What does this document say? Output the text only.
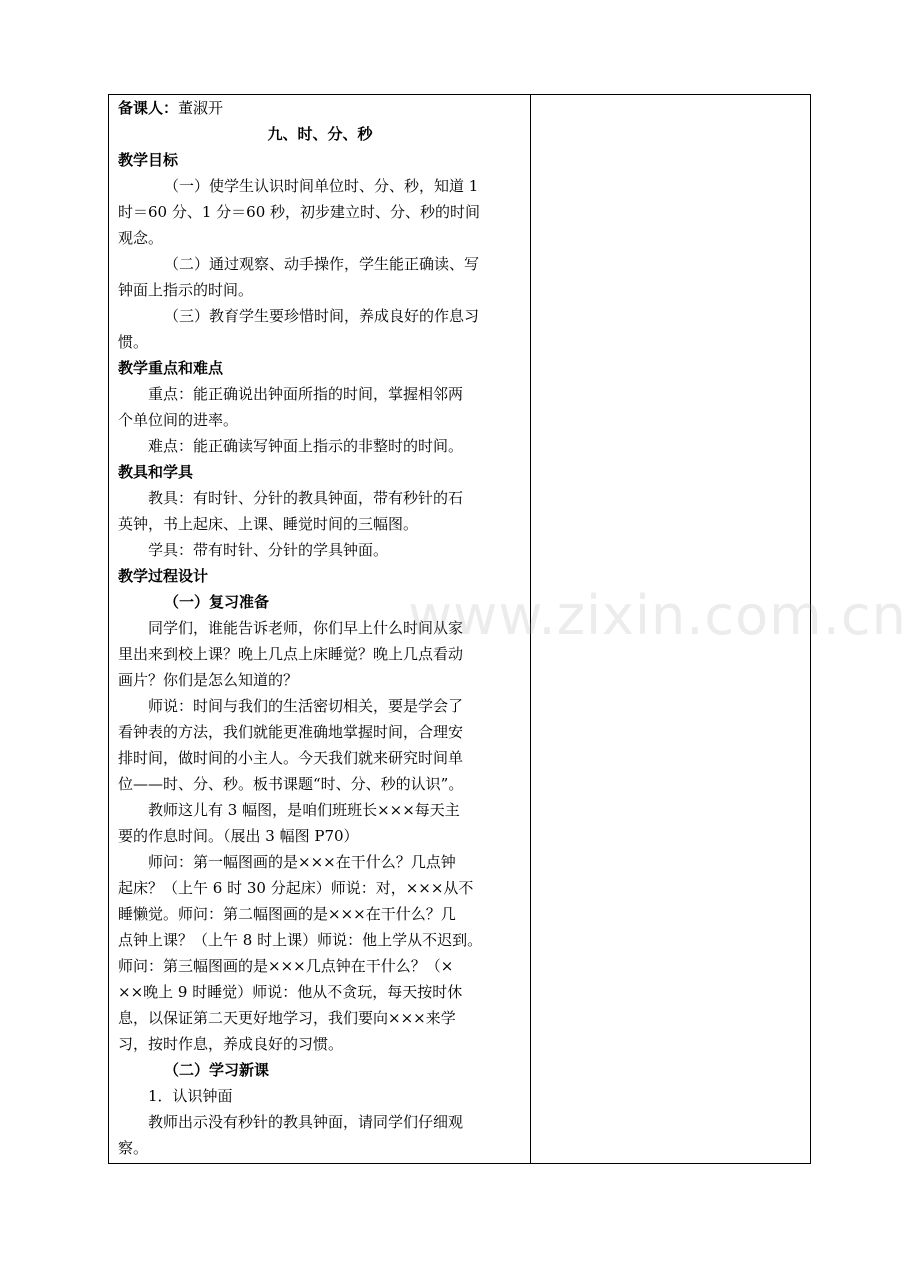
备课人：董淑开
九、时、分、秒
教学目标
（一）使学生认识时间单位时、分、秒，知道 1
时＝60 分、1 分＝60 秒，初步建立时、分、秒的时间
观念。
（二）通过观察、动手操作，学生能正确读、写
钟面上指示的时间。
（三）教育学生要珍惜时间，养成良好的作息习
惯。
教学重点和难点
重点：能正确说出钟面所指的时间，掌握相邻两
个单位间的进率。
难点：能正确读写钟面上指示的非整时的时间。
教具和学具
教具：有时针、分针的教具钟面，带有秒针的石
英钟，书上起床、上课、睡觉时间的三幅图。
学具：带有时针、分针的学具钟面。
教学过程设计
（一）复习准备
同学们，谁能告诉老师，你们早上什么时间从家
里出来到校上课？晚上几点上床睡觉？晚上几点看动
画片？你们是怎么知道的？
师说：时间与我们的生活密切相关，要是学会了
看钟表的方法，我们就能更准确地掌握时间，合理安
排时间，做时间的小主人。今天我们就来研究时间单
位——时、分、秒。板书课题“时、分、秒的认识”。
教师这儿有 3 幅图，是咱们班班长×××每天主
要的作息时间。（展出 3 幅图 P70）
师问：第一幅图画的是×××在干什么？几点钟
起床？（上午 6 时 30 分起床）师说：对，×××从不
睡懒觉。师问：第二幅图画的是×××在干什么？几
点钟上课？（上午 8 时上课）师说：他上学从不迟到。
师问：第三幅图画的是×××几点钟在干什么？（×
××晚上 9 时睡觉）师说：他从不贪玩，每天按时休
息，以保证第二天更好地学习，我们要向×××来学
习，按时作息，养成良好的习惯。
（二）学习新课
1．认识钟面
教师出示没有秒针的教具钟面，请同学们仔细观
察。
www.zixin.com.cn
